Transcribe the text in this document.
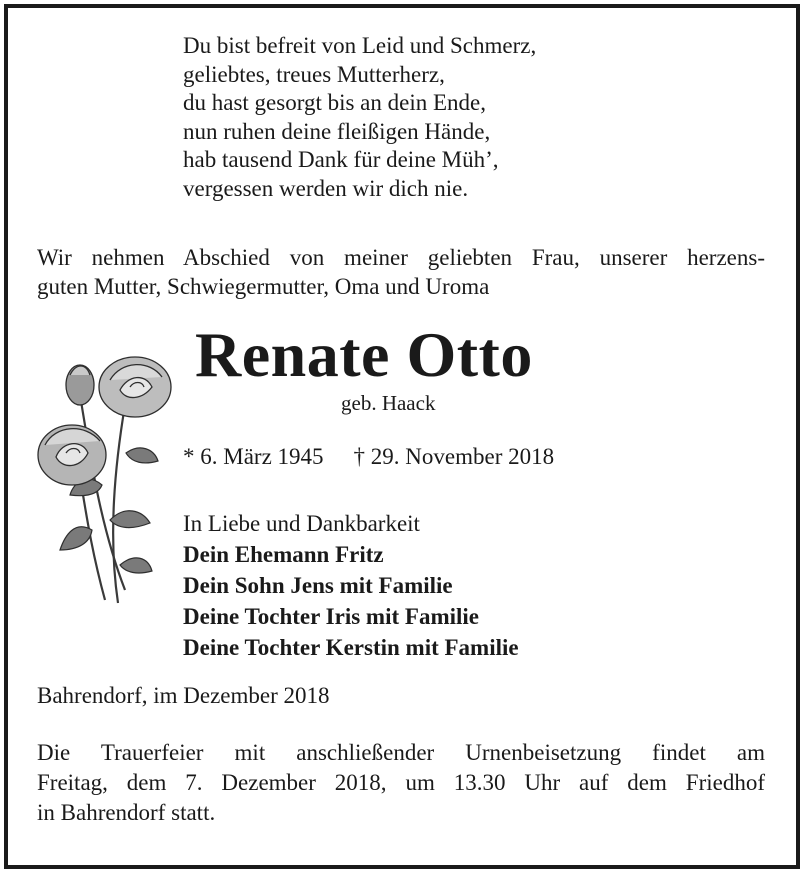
Du bist befreit von Leid und Schmerz,
geliebtes, treues Mutterherz,
du hast gesorgt bis an dein Ende,
nun ruhen deine fleißigen Hände,
hab tausend Dank für deine Müh’,
vergessen werden wir dich nie.
Wir nehmen Abschied von meiner geliebten Frau, unserer herzens-
guten Mutter, Schwiegermutter, Oma und Uroma
Renate Otto
geb. Haack
* 6. März 1945 † 29. November 2018
In Liebe und Dankbarkeit
Dein Ehemann Fritz
Dein Sohn Jens mit Familie
Deine Tochter Iris mit Familie
Deine Tochter Kerstin mit Familie
Bahrendorf, im Dezember 2018
Die Trauerfeier mit anschließender Urnenbeisetzung findet am
Freitag, dem 7. Dezember 2018, um 13.30 Uhr auf dem Friedhof
in Bahrendorf statt.
